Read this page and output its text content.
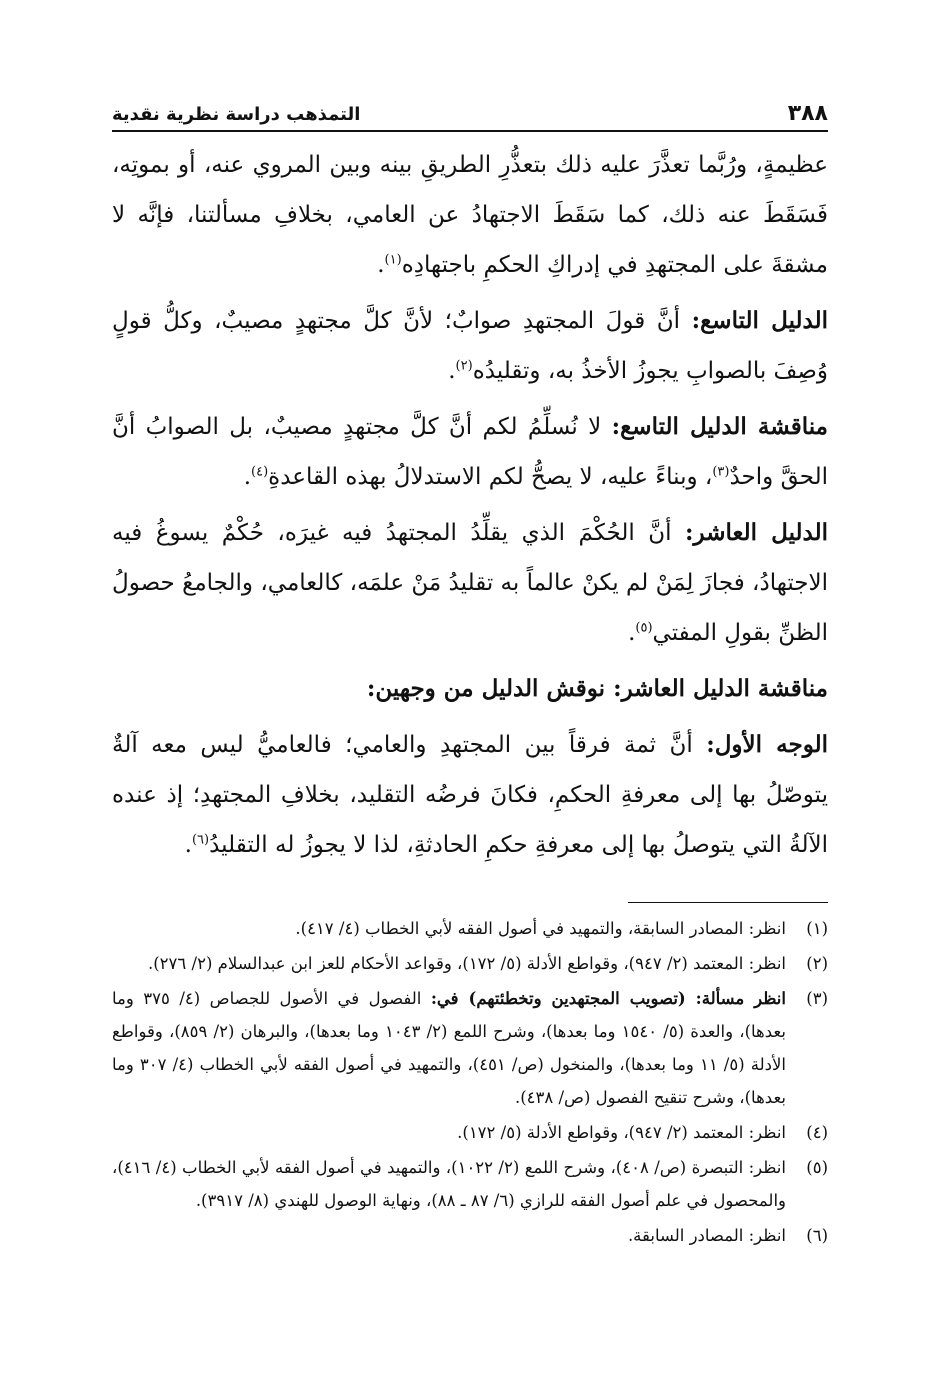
٣٨٨
التمذهب دراسة نظرية نقدية

عظيمةٍ، ورُبَّما تعذَّرَ عليه ذلك بتعذُّرِ الطريقِ بينه وبين المروي عنه، أو بموتِه، فَسَقَطَ عنه ذلك، كما سَقَطَ الاجتهادُ عن العامي، بخلافِ مسألتنا، فإنَّه لا مشقةَ على المجتهدِ في إدراكِ الحكمِ باجتهادِه$^{(١)}$.

الدليل التاسع: أنَّ قولَ المجتهدِ صوابٌ؛ لأنَّ كلَّ مجتهدٍ مصيبٌ، وكلُّ قولٍ وُصِفَ بالصوابِ يجوزُ الأخذُ به، وتقليدُه$^{(٢)}$.

مناقشة الدليل التاسع: لا نُسلِّمُ لكم أنَّ كلَّ مجتهدٍ مصيبٌ، بل الصوابُ أنَّ الحقَّ واحدٌ$^{(٣)}$، وبناءً عليه، لا يصحُّ لكم الاستدلالُ بهذه القاعدةِ$^{(٤)}$.

الدليل العاشر: أنَّ الحُكْمَ الذي يقلِّدُ المجتهدُ فيه غيرَه، حُكْمٌ يسوغُ فيه الاجتهادُ، فجازَ لِمَنْ لم يكنْ عالماً به تقليدُ مَنْ علمَه، كالعامي، والجامعُ حصولُ الظنِّ بقولِ المفتي$^{(٥)}$.

مناقشة الدليل العاشر: نوقش الدليل من وجهين:

الوجه الأول: أنَّ ثمة فرقاً بين المجتهدِ والعامي؛ فالعاميُّ ليس معه آلةٌ يتوصّلُ بها إلى معرفةِ الحكمِ، فكانَ فرضُه التقليد، بخلافِ المجتهدِ؛ إذ عنده الآلةُ التي يتوصلُ بها إلى معرفةِ حكمِ الحادثةِ، لذا لا يجوزُ له التقليدُ$^{(٦)}$.

(١)
انظر: المصادر السابقة، والتمهيد في أصول الفقه لأبي الخطاب (٤/ ٤١٧).
(٢)
انظر: المعتمد (٢/ ٩٤٧)، وقواطع الأدلة (٥/ ١٧٢)، وقواعد الأحكام للعز ابن عبدالسلام (٢/ ٢٧٦).
(٣)
انظر مسألة: (تصويب المجتهدين وتخطئتهم) في: الفصول في الأصول للجصاص (٤/ ٣٧٥ وما بعدها)، والعدة (٥/ ١٥٤٠ وما بعدها)، وشرح اللمع (٢/ ١٠٤٣ وما بعدها)، والبرهان (٢/ ٨٥٩)، وقواطع الأدلة (٥/ ١١ وما بعدها)، والمنخول (ص/ ٤٥١)، والتمهيد في أصول الفقه لأبي الخطاب (٤/ ٣٠٧ وما بعدها)، وشرح تنقيح الفصول (ص/ ٤٣٨).
(٤)
انظر: المعتمد (٢/ ٩٤٧)، وقواطع الأدلة (٥/ ١٧٢).
(٥)
انظر: التبصرة (ص/ ٤٠٨)، وشرح اللمع (٢/ ١٠٢٢)، والتمهيد في أصول الفقه لأبي الخطاب (٤/ ٤١٦)، والمحصول في علم أصول الفقه للرازي (٦/ ٨٧ ـ ٨٨)، ونهاية الوصول للهندي (٨/ ٣٩١٧).
(٦)
انظر: المصادر السابقة.
